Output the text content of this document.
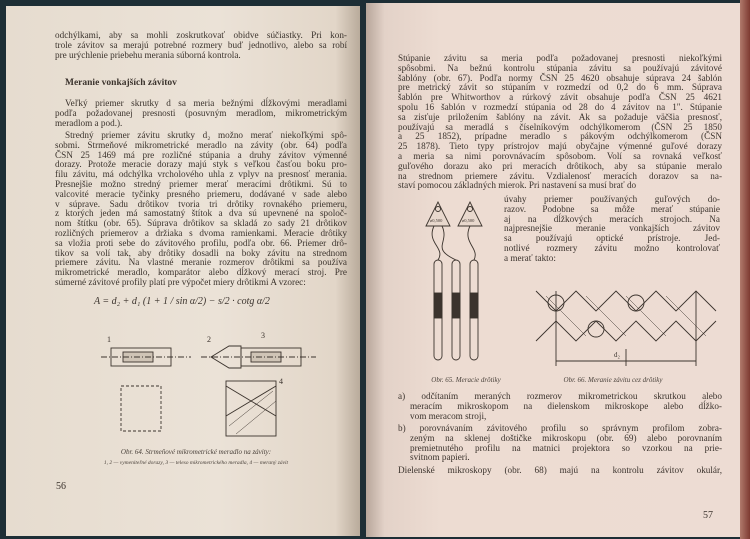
odchýlkami, aby sa mohli zoskrutkovať obidve súčiastky. Pri kon-
trole závitov sa merajú potrebné rozmery buď jednotlivo, alebo sa robí
pre urýchlenie priebehu merania súborná kontrola.
Meranie vonkajších závitov
Veľký priemer skrutky d sa meria bežnými dĺžkovými meradlami
podľa požadovanej presnosti (posuvným meradlom, mikrometrickým
meradlom a pod.).
Stredný priemer závitu skrutky d₂ možno merať niekoľkými spô-
sobmi. Strmeňové mikrometrické meradlo na závity (obr. 64) podľa
ČSN 25 1469 má pre rozličné stúpania a druhy závitov výmenné
dorazy. Protože meracie dorazy majú styk s veľkou časťou boku pro-
filu závitu, má odchýlka vrcholového uhla z vplyv na presnosť merania.
Presnejšie možno stredný priemer merať meracími drôtikmi. Sú to
valcovité meracie tyčinky presného priemeru, dodávané v sade alebo
v súprave. Sadu drôtikov tvoria tri drôtiky rovnakého priemeru,
z ktorých jeden má samostatný štítok a dva sú upevnené na spoloč-
nom štítku (obr. 65). Súprava drôtikov sa skladá zo sady 21 drôtikov
rozličných priemerov a držiaka s dvoma ramienkami. Meracie drôtiky
sa vložia proti sebe do závitového profilu, podľa obr. 66. Priemer drô-
tikov sa volí tak, aby drôtiky dosadli na boky závitu na strednom
priemere závitu. Na vlastné meranie rozmerov drôtikmi sa používa
mikrometrické meradlo, komparátor alebo dĺžkový merací stroj. Pre
súmerné závitové profily platí pre výpočet miery drôtikmi A vzorec:
A = d₂ + d₁ (1 + 1 / sin α/2) − s/2 · cotg α/2
1	2	3
4
Obr. 64. Strmeňové mikrometrické meradlo na závity:
1, 2 — vymeniteľné dorazy, 3 — teleso mikrometrického meradla, 4 — meraný závit
56
Stúpanie závitu sa meria podľa požadovanej presnosti niekoľkými
spôsobmi. Na bežnú kontrolu stúpania závitu sa používajú závitové
šablóny (obr. 67). Podľa normy ČSN 25 4620 obsahuje súprava 24 šablón
pre metrický závit so stúpaním v rozmedzí od 0,2 do 6 mm. Súprava
šablón pre Whitworthov a rúrkový závit obsahuje podľa ČSN 25 4621
spolu 16 šablón v rozmedzí stúpania od 28 do 4 závitov na 1". Stúpanie
sa zisťuje priložením šablóny na závit. Ak sa požaduje väčšia presnosť,
používajú sa meradlá s číselníkovým odchýlkomerom (ČSN 25 1850
a 25 1852), prípadne meradlo s pákovým odchýlkomerom (ČSN
25 1878). Tieto typy prístrojov majú obyčajne výmenné guľové dorazy
a meria sa nimi porovnávacím spôsobom. Volí sa rovnaká veľkosť
guľového dorazu ako pri meracích drôtikoch, aby sa stúpanie meralo
na strednom priemere závitu. Vzdialenosť meracích dorazov sa na-
staví pomocou základných mierok. Pri nastavení sa musí brať do
úvahy priemer používaných guľových do-
razov. Podobne sa môže merať stúpanie
aj na dĺžkových meracích strojoch. Na
najpresnejšie meranie vonkajších závitov
sa používajú optické prístroje. Jed-
notlivé rozmery závitu možno kontrolovať
a merať takto:
ø0,500	ø0,500
d₂
Obr. 65. Meracie drôtiky	Obr. 66. Meranie závitu cez drôtiky
a) odčítaním meraných rozmerov mikrometrickou skrutkou alebo
meracím mikroskopom na dielenskom mikroskope alebo dĺžko-
vom meracom stroji,
b) porovnávaním závitového profilu so správnym profilom zobra-
zeným na sklenej doštičke mikroskopu (obr. 69) alebo porovnaním
premietnutého profilu na matnici projektora so vzorkou na prie-
svitnom papieri.
Dielenské mikroskopy (obr. 68) majú na kontrolu závitov okulár,
57
